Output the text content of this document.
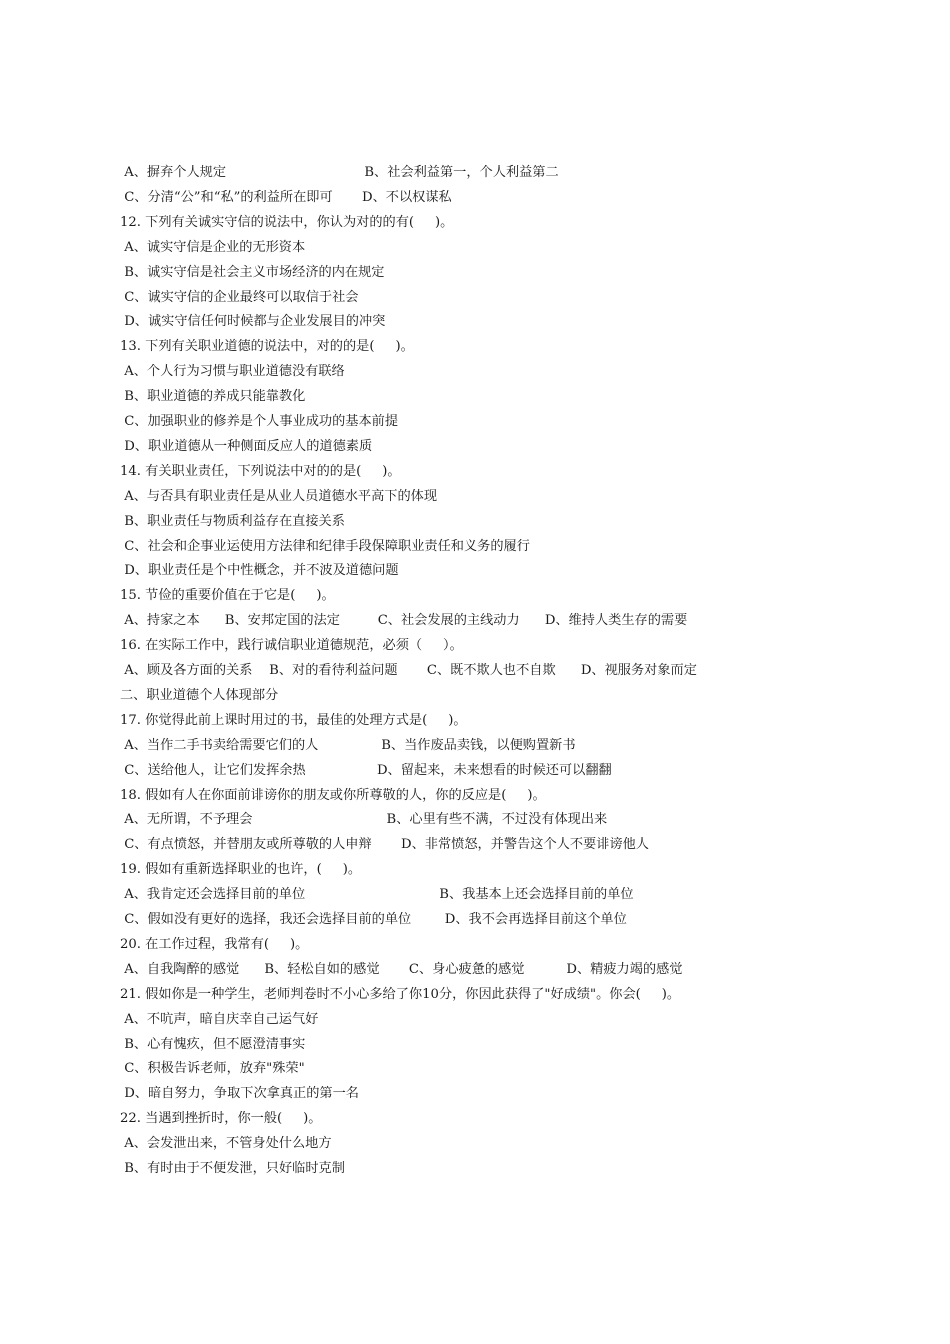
A、摒弃个人规定                                 B、社会利益第一，个人利益第二
C、分清“公”和“私”的利益所在即可       D、不以权谋私
12. 下列有关诚实守信的说法中，你认为对的的有(     )。
A、诚实守信是企业的无形资本
B、诚实守信是社会主义市场经济的内在规定
C、诚实守信的企业最终可以取信于社会
D、诚实守信任何时候都与企业发展目的冲突
13. 下列有关职业道德的说法中，对的的是(     )。
A、个人行为习惯与职业道德没有联络
B、职业道德的养成只能靠教化
C、加强职业的修养是个人事业成功的基本前提
D、职业道德从一种侧面反应人的道德素质
14. 有关职业责任，下列说法中对的的是(     )。
A、与否具有职业责任是从业人员道德水平高下的体现
B、职业责任与物质利益存在直接关系
C、社会和企事业运使用方法律和纪律手段保障职业责任和义务的履行
D、职业责任是个中性概念，并不波及道德问题
15. 节俭的重要价值在于它是(     )。
A、持家之本      B、安邦定国的法定         C、社会发展的主线动力      D、维持人类生存的需要
16. 在实际工作中，践行诚信职业道德规范，必须（     ）。
A、顾及各方面的关系    B、对的看待利益问题       C、既不欺人也不自欺      D、视服务对象而定
二、职业道德个人体现部分
17. 你觉得此前上课时用过的书，最佳的处理方式是(     )。
A、当作二手书卖给需要它们的人               B、当作废品卖钱，以便购置新书
C、送给他人，让它们发挥余热                 D、留起来，未来想看的时候还可以翻翻
18. 假如有人在你面前诽谤你的朋友或你所尊敬的人，你的反应是(     )。
A、无所谓，不予理会                                B、心里有些不满，不过没有体现出来
C、有点愤怒，并替朋友或所尊敬的人申辩       D、非常愤怒，并警告这个人不要诽谤他人
19. 假如有重新选择职业的也许，(     )。
A、我肯定还会选择目前的单位                                B、我基本上还会选择目前的单位
C、假如没有更好的选择，我还会选择目前的单位        D、我不会再选择目前这个单位
20. 在工作过程，我常有(     )。
A、自我陶醉的感觉      B、轻松自如的感觉       C、身心疲惫的感觉          D、精疲力竭的感觉
21. 假如你是一种学生，老师判卷时不小心多给了你10分，你因此获得了"好成绩"。你会(     )。
A、不吭声，暗自庆幸自己运气好
B、心有愧疚，但不愿澄清事实
C、积极告诉老师，放弃"殊荣"
D、暗自努力，争取下次拿真正的第一名
22. 当遇到挫折时，你一般(     )。
A、会发泄出来，不管身处什么地方
B、有时由于不便发泄，只好临时克制
